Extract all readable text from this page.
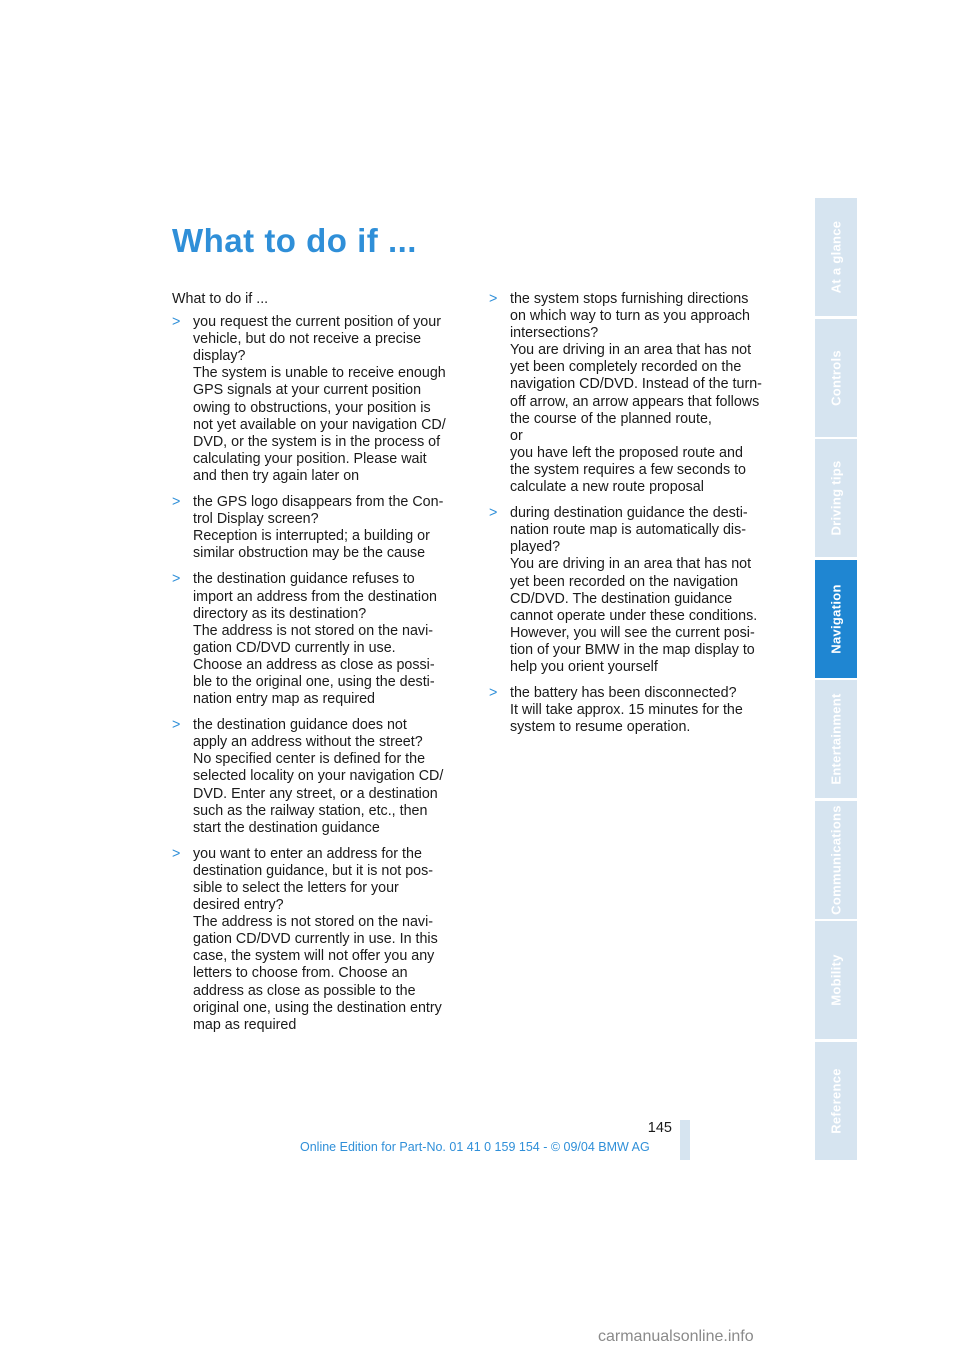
What to do if ...

What to do if ...

> you request the current position of your
vehicle, but do not receive a precise
display?
The system is unable to receive enough
GPS signals at your current position
owing to obstructions, your position is
not yet available on your navigation CD/
DVD, or the system is in the process of
calculating your position. Please wait
and then try again later on
> the GPS logo disappears from the Con-
trol Display screen?
Reception is interrupted; a building or
similar obstruction may be the cause
> the destination guidance refuses to
import an address from the destination
directory as its destination?
The address is not stored on the navi-
gation CD/DVD currently in use.
Choose an address as close as possi-
ble to the original one, using the desti-
nation entry map as required
> the destination guidance does not
apply an address without the street?
No specified center is defined for the
selected locality on your navigation CD/
DVD. Enter any street, or a destination
such as the railway station, etc., then
start the destination guidance
> you want to enter an address for the
destination guidance, but it is not pos-
sible to select the letters for your
desired entry?
The address is not stored on the navi-
gation CD/DVD currently in use. In this
case, the system will not offer you any
letters to choose from. Choose an
address as close as possible to the
original one, using the destination entry
map as required
> the system stops furnishing directions
on which way to turn as you approach
intersections?
You are driving in an area that has not
yet been completely recorded on the
navigation CD/DVD. Instead of the turn-
off arrow, an arrow appears that follows
the course of the planned route,
or
you have left the proposed route and
the system requires a few seconds to
calculate a new route proposal
> during destination guidance the desti-
nation route map is automatically dis-
played?
You are driving in an area that has not
yet been recorded on the navigation
CD/DVD. The destination guidance
cannot operate under these conditions.
However, you will see the current posi-
tion of your BMW in the map display to
help you orient yourself
> the battery has been disconnected?
It will take approx. 15 minutes for the
system to resume operation.
At a glance
Controls
Driving tips
Navigation
Entertainment
Communications
Mobility
Reference
145
Online Edition for Part-No. 01 41 0 159 154 - © 09/04 BMW AG
carmanualsonline.info
